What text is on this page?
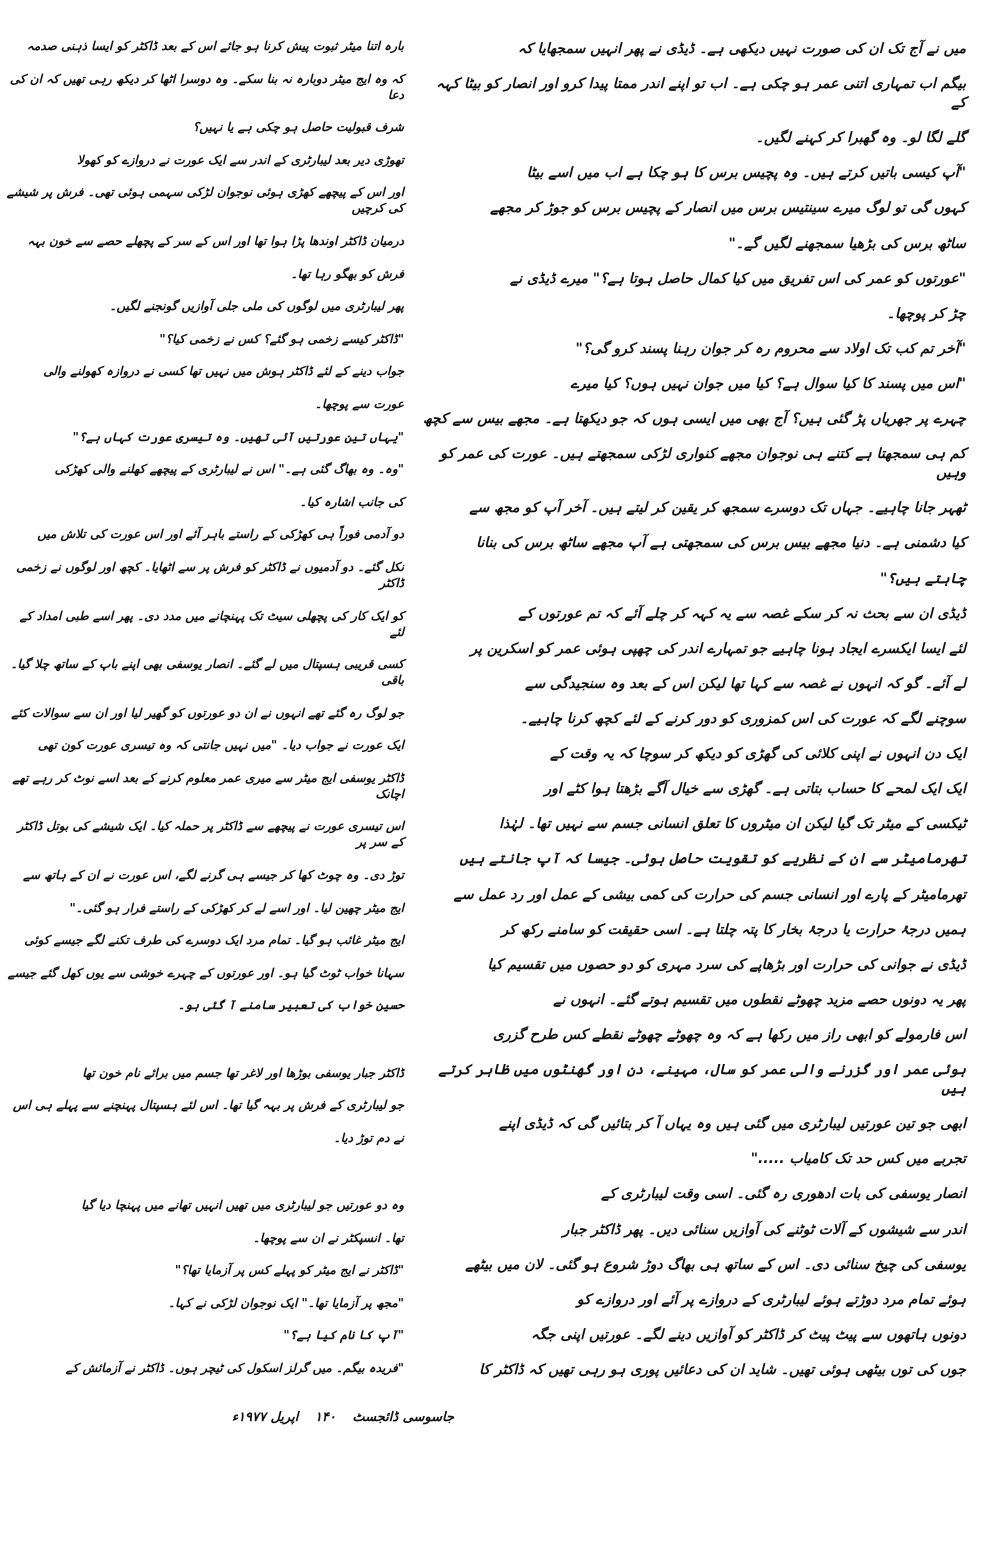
بارہ اتنا میٹر ثبوت پیش کرنا ہو جائے اس کے بعد ڈاکٹر کو ایسا ذہنی صدمہ
کہ وہ ایج میٹر دوبارہ نہ بنا سکے۔ وہ دوسرا اٹھا کر دیکھ رہی تھیں کہ ان کی دعا
شرف قبولیت حاصل ہو چکی ہے یا نہیں؟
تھوڑی دیر بعد لیبارٹری کے اندر سے ایک عورت نے دروازے کو کھولا
اور اس کے پیچھے کھڑی ہوئی نوجوان لڑکی سہمی ہوئی تھی۔ فرش پر شیشے کی کرچیں
درمیان ڈاکٹر اوندھا پڑا ہوا تھا اور اس کے سر کے پچھلے حصے سے خون بہہ
فرش کو بھگو رہا تھا۔
پھر لیبارٹری میں لوگوں کی ملی جلی آوازیں گونجنے لگیں۔
"ڈاکٹر کیسے زخمی ہو گئے؟ کس نے زخمی کیا؟"
جواب دینے کے لئے ڈاکٹر ہوش میں نہیں تھا کسی نے دروازہ کھولنے والی
عورت سے پوچھا۔
"یہاں تین عورتیں آئی تھیں۔ وہ تیسری عورت کہاں ہے؟"
"وہ۔ وہ بھاگ گئی ہے۔" اس نے لیبارٹری کے پیچھے کھلنے والی کھڑکی
کی جانب اشارہ کیا۔
دو آدمی فوراً ہی کھڑکی کے راستے باہر آئے اور اس عورت کی تلاش میں
نکل گئے۔ دو آدمیوں نے ڈاکٹر کو فرش پر سے اٹھایا۔ کچھ اور لوگوں نے زخمی ڈاکٹر
کو ایک کار کی پچھلی سیٹ تک پہنچانے میں مدد دی۔ پھر اسے طبی امداد کے لئے
کسی قریبی ہسپتال میں لے گئے۔ انصار یوسفی بھی اپنے باپ کے ساتھ چلا گیا۔ باقی
جو لوگ رہ گئے تھے انہوں نے ان دو عورتوں کو گھیر لیا اور ان سے سوالات کئے
ایک عورت نے جواب دیا۔ "میں نہیں جانتی کہ وہ تیسری عورت کون تھی
ڈاکٹر یوسفی ایج میٹر سے میری عمر معلوم کرنے کے بعد اسے نوٹ کر رہے تھے اچانک
اس تیسری عورت نے پیچھے سے ڈاکٹر پر حملہ کیا۔ ایک شیشے کی بوتل ڈاکٹر کے سر پر
توڑ دی۔ وہ چوٹ کھا کر جیسے ہی گرنے لگے، اس عورت نے ان کے ہاتھ سے
ایج میٹر چھین لیا۔ اور اسے لے کر کھڑکی کے راستے فرار ہو گئی۔"
ایج میٹر غائب ہو گیا۔ تمام مرد ایک دوسرے کی طرف تکنے لگے جیسے کوئی
سہانا خواب ٹوٹ گیا ہو۔ اور عورتوں کے چہرے خوشی سے یوں کھل گئے جیسے
حسین خواب کی تعبیر سامنے آ گئی ہو۔
ڈاکٹر جبار یوسفی بوڑھا اور لاغر تھا جسم میں برائے نام خون تھا
جو لیبارٹری کے فرش پر بہہ گیا تھا۔ اس لئے ہسپتال پہنچنے سے پہلے ہی اس
نے دم توڑ دیا۔
وہ دو عورتیں جو لیبارٹری میں تھیں انہیں تھانے میں پہنچا دیا گیا
تھا۔ انسپکٹر نے ان سے پوچھا۔
"ڈاکٹر نے ایج میٹر کو پہلے کس پر آزمایا تھا؟"
"مجھ پر آزمایا تھا۔" ایک نوجوان لڑکی نے کہا۔
"آپ کا نام کیا ہے؟"
"فریدہ بیگم۔ میں گرلز اسکول کی ٹیچر ہوں۔ ڈاکٹر نے آزمائش کے
میں نے آج تک ان کی صورت نہیں دیکھی ہے۔ ڈیڈی نے پھر انہیں سمجھایا کہ
بیگم اب تمہاری اتنی عمر ہو چکی ہے۔ اب تو اپنے اندر ممتا پیدا کرو اور انصار کو بیٹا کہہ کے
گلے لگا لو۔ وہ گھبرا کر کہنے لگیں۔
"آپ کیسی باتیں کرتے ہیں۔ وہ پچیس برس کا ہو چکا ہے اب میں اسے بیٹا
کہوں گی تو لوگ میرے سینتیس برس میں انصار کے پچیس برس کو جوڑ کر مجھے
ساٹھ برس کی بڑھیا سمجھنے لگیں گے۔"
"عورتوں کو عمر کی اس تفریق میں کیا کمال حاصل ہوتا ہے؟" میرے ڈیڈی نے
چڑ کر پوچھا۔
"آخر تم کب تک اولاد سے محروم رہ کر جوان رہنا پسند کرو گی؟"
"اس میں پسند کا کیا سوال ہے؟ کیا میں جوان نہیں ہوں؟ کیا میرے
چہرے پر جھریاں پڑ گئی ہیں؟ آج بھی میں ایسی ہوں کہ جو دیکھتا ہے۔ مجھے بیس سے کچھ
کم ہی سمجھتا ہے کتنے ہی نوجوان مجھے کنواری لڑکی سمجھتے ہیں۔ عورت کی عمر کو وہیں
ٹھہر جانا چاہیے۔ جہاں تک دوسرے سمجھ کر یقین کر لیتے ہیں۔ آخر آپ کو مجھ سے
کیا دشمنی ہے۔ دنیا مجھے بیس برس کی سمجھتی ہے آپ مجھے ساٹھ برس کی بنانا
چاہتے ہیں؟"
ڈیڈی ان سے بحث نہ کر سکے غصہ سے یہ کہہ کر چلے آئے کہ تم عورتوں کے
لئے ایسا ایکسرے ایجاد ہونا چاہیے جو تمہارے اندر کی چھپی ہوئی عمر کو اسکرین پر
لے آئے۔ گو کہ انہوں نے غصہ سے کہا تھا لیکن اس کے بعد وہ سنجیدگی سے
سوچنے لگے کہ عورت کی اس کمزوری کو دور کرنے کے لئے کچھ کرنا چاہیے۔
ایک دن انہوں نے اپنی کلائی کی گھڑی کو دیکھ کر سوچا کہ یہ وقت کے
ایک ایک لمحے کا حساب بتاتی ہے۔ گھڑی سے خیال آگے بڑھتا ہوا کٹے اور
ٹیکسی کے میٹر تک گیا لیکن ان میٹروں کا تعلق انسانی جسم سے نہیں تھا۔ لہٰذا
تھرمامیٹر سے ان کے نظریے کو تقویت حاصل ہوئی۔ جیسا کہ آپ جانتے ہیں
تھرمامیٹر کے پارے اور انسانی جسم کی حرارت کی کمی بیشی کے عمل اور رد عمل سے
ہمیں درجۂ حرارت یا درجۂ بخار کا پتہ چلتا ہے۔ اسی حقیقت کو سامنے رکھ کر
ڈیڈی نے جوانی کی حرارت اور بڑھاپے کی سرد مہری کو دو حصوں میں تقسیم کیا
پھر یہ دونوں حصے مزید چھوٹے نقطوں میں تقسیم ہوتے گئے۔ انہوں نے
اس فارمولے کو ابھی راز میں رکھا ہے کہ وہ چھوٹے چھوٹے نقطے کس طرح گزری
ہوئی عمر اور گزرنے والی عمر کو سال، مہینے، دن اور گھنٹوں میں ظاہر کرتے ہیں
ابھی جو تین عورتیں لیبارٹری میں گئی ہیں وہ یہاں آ کر بتائیں گی کہ ڈیڈی اپنے
تجربے میں کس حد تک کامیاب ....."
انصار یوسفی کی بات ادھوری رہ گئی۔ اسی وقت لیبارٹری کے
اندر سے شیشوں کے آلات ٹوٹنے کی آوازیں سنائی دیں۔ پھر ڈاکٹر جبار
یوسفی کی چیخ سنائی دی۔ اس کے ساتھ ہی بھاگ دوڑ شروع ہو گئی۔ لان میں بیٹھے
ہوئے تمام مرد دوڑتے ہوئے لیبارٹری کے دروازے پر آئے اور دروازے کو
دونوں ہاتھوں سے پیٹ پیٹ کر ڈاکٹر کو آوازیں دینے لگے۔ عورتیں اپنی جگہ
جوں کی توں بیٹھی ہوئی تھیں۔ شاید ان کی دعائیں پوری ہو رہی تھیں کہ ڈاکٹر کا
جاسوسی ڈائجسٹ ۱۴۰ اپریل ۱۹۷۷ء
